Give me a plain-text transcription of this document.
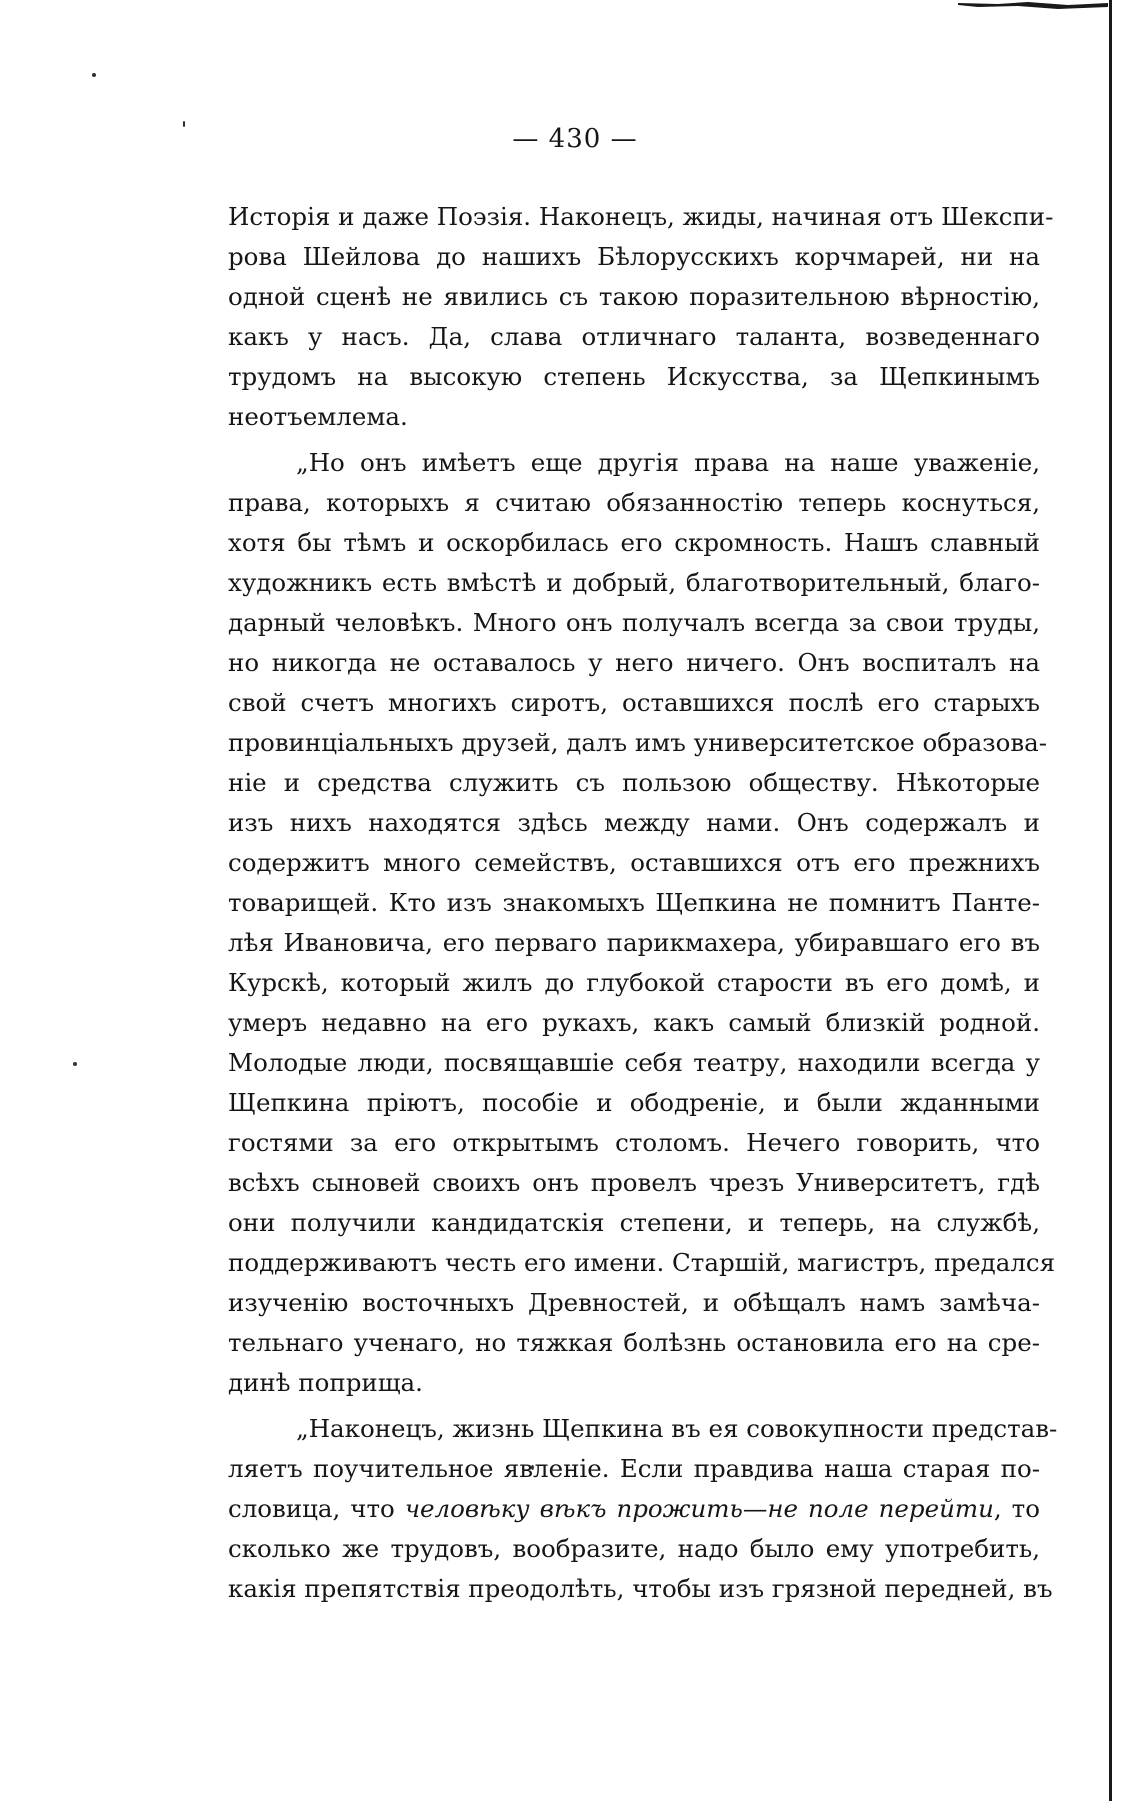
— 430 —
Исторія и даже Поэзія. Наконецъ, жиды, начиная отъ Шекспи-
рова Шейлова до нашихъ Бѣлорусскихъ корчмарей, ни на
одной сценѣ не явились съ такою поразительною вѣрностію,
какъ у насъ. Да, слава отличнаго таланта, возведеннаго
трудомъ на высокую степень Искусства, за Щепкинымъ
неотъемлема.
„Но онъ имѣетъ еще другія права на наше уваженіе,
права, которыхъ я считаю обязанностію теперь коснуться,
хотя бы тѣмъ и оскорбилась его скромность. Нашъ славный
художникъ есть вмѣстѣ и добрый, благотворительный, благо-
дарный человѣкъ. Много онъ получалъ всегда за свои труды,
но никогда не оставалось у него ничего. Онъ воспиталъ на
свой счетъ многихъ сиротъ, оставшихся послѣ его старыхъ
провинціальныхъ друзей, далъ имъ университетское образова-
ніе и средства служить съ пользою обществу. Нѣкоторые
изъ нихъ находятся здѣсь между нами. Онъ содержалъ и
содержитъ много семействъ, оставшихся отъ его прежнихъ
товарищей. Кто изъ знакомыхъ Щепкина не помнитъ Панте-
лѣя Ивановича, его перваго парикмахера, убиравшаго его въ
Курскѣ, который жилъ до глубокой старости въ его домѣ, и
умеръ недавно на его рукахъ, какъ самый близкій родной.
Молодые люди, посвящавшіе себя театру, находили всегда у
Щепкина пріютъ, пособіе и ободреніе, и были жданными
гостями за его открытымъ столомъ. Нечего говорить, что
всѣхъ сыновей своихъ онъ провелъ чрезъ Университетъ, гдѣ
они получили кандидатскія степени, и теперь, на службѣ,
поддерживаютъ честь его имени. Старшій, магистръ, предался
изученію восточныхъ Древностей, и обѣщалъ намъ замѣча-
тельнаго ученаго, но тяжкая болѣзнь остановила его на сре-
динѣ поприща.
„Наконецъ, жизнь Щепкина въ ея совокупности представ-
ляетъ поучительное явленіе. Если правдива наша старая по-
словица, что человѣку вѣкъ прожить—не поле перейти, то
сколько же трудовъ, вообразите, надо было ему употребить,
какія препятствія преодолѣть, чтобы изъ грязной передней, въ
